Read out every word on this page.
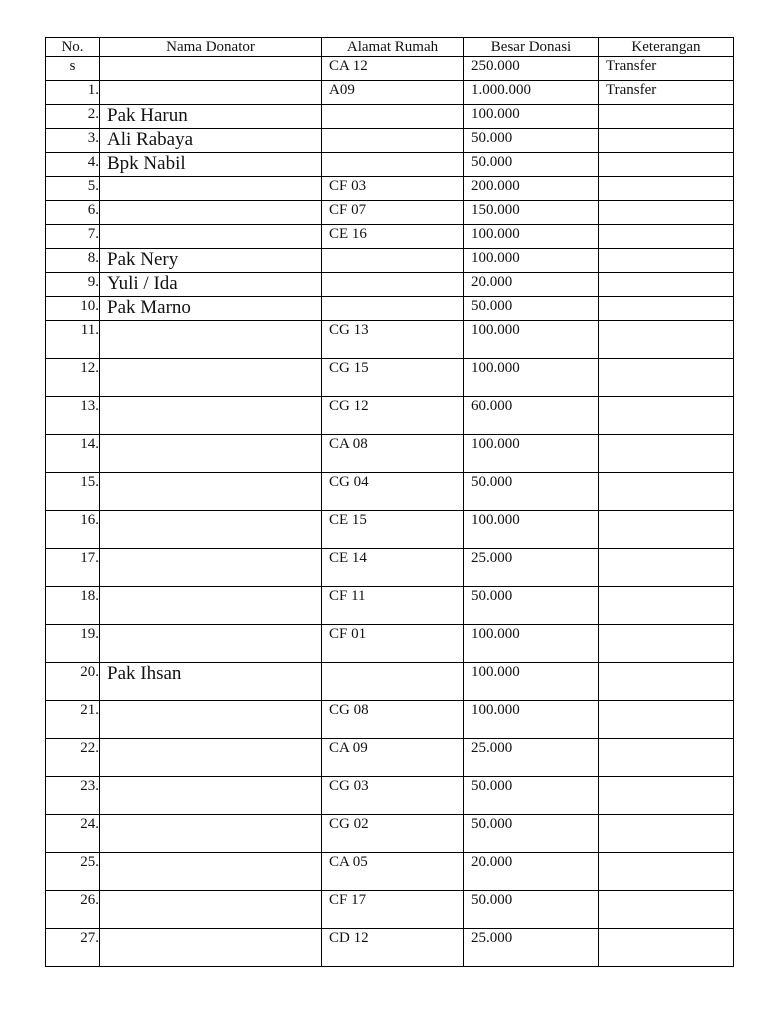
No.	Nama Donator	Alamat Rumah	Besar Donasi	Keterangan
s		CA 12	250.000	Transfer
1.		A09	1.000.000	Transfer
2.	Pak Harun		100.000	
3.	Ali Rabaya		50.000	
4.	Bpk Nabil		50.000	
5.		CF 03	200.000	
6.		CF 07	150.000	
7.		CE 16	100.000	
8.	Pak Nery		100.000	
9.	Yuli / Ida		20.000	
10.	Pak Marno		50.000	
11.		CG 13	100.000	
12.		CG 15	100.000	
13.		CG 12	60.000	
14.		CA 08	100.000	
15.		CG 04	50.000	
16.		CE 15	100.000	
17.		CE 14	25.000	
18.		CF 11	50.000	
19.		CF 01	100.000	
20.	Pak Ihsan		100.000	
21.		CG 08	100.000	
22.		CA 09	25.000	
23.		CG 03	50.000	
24.		CG 02	50.000	
25.		CA 05	20.000	
26.		CF 17	50.000	
27.		CD 12	25.000	
